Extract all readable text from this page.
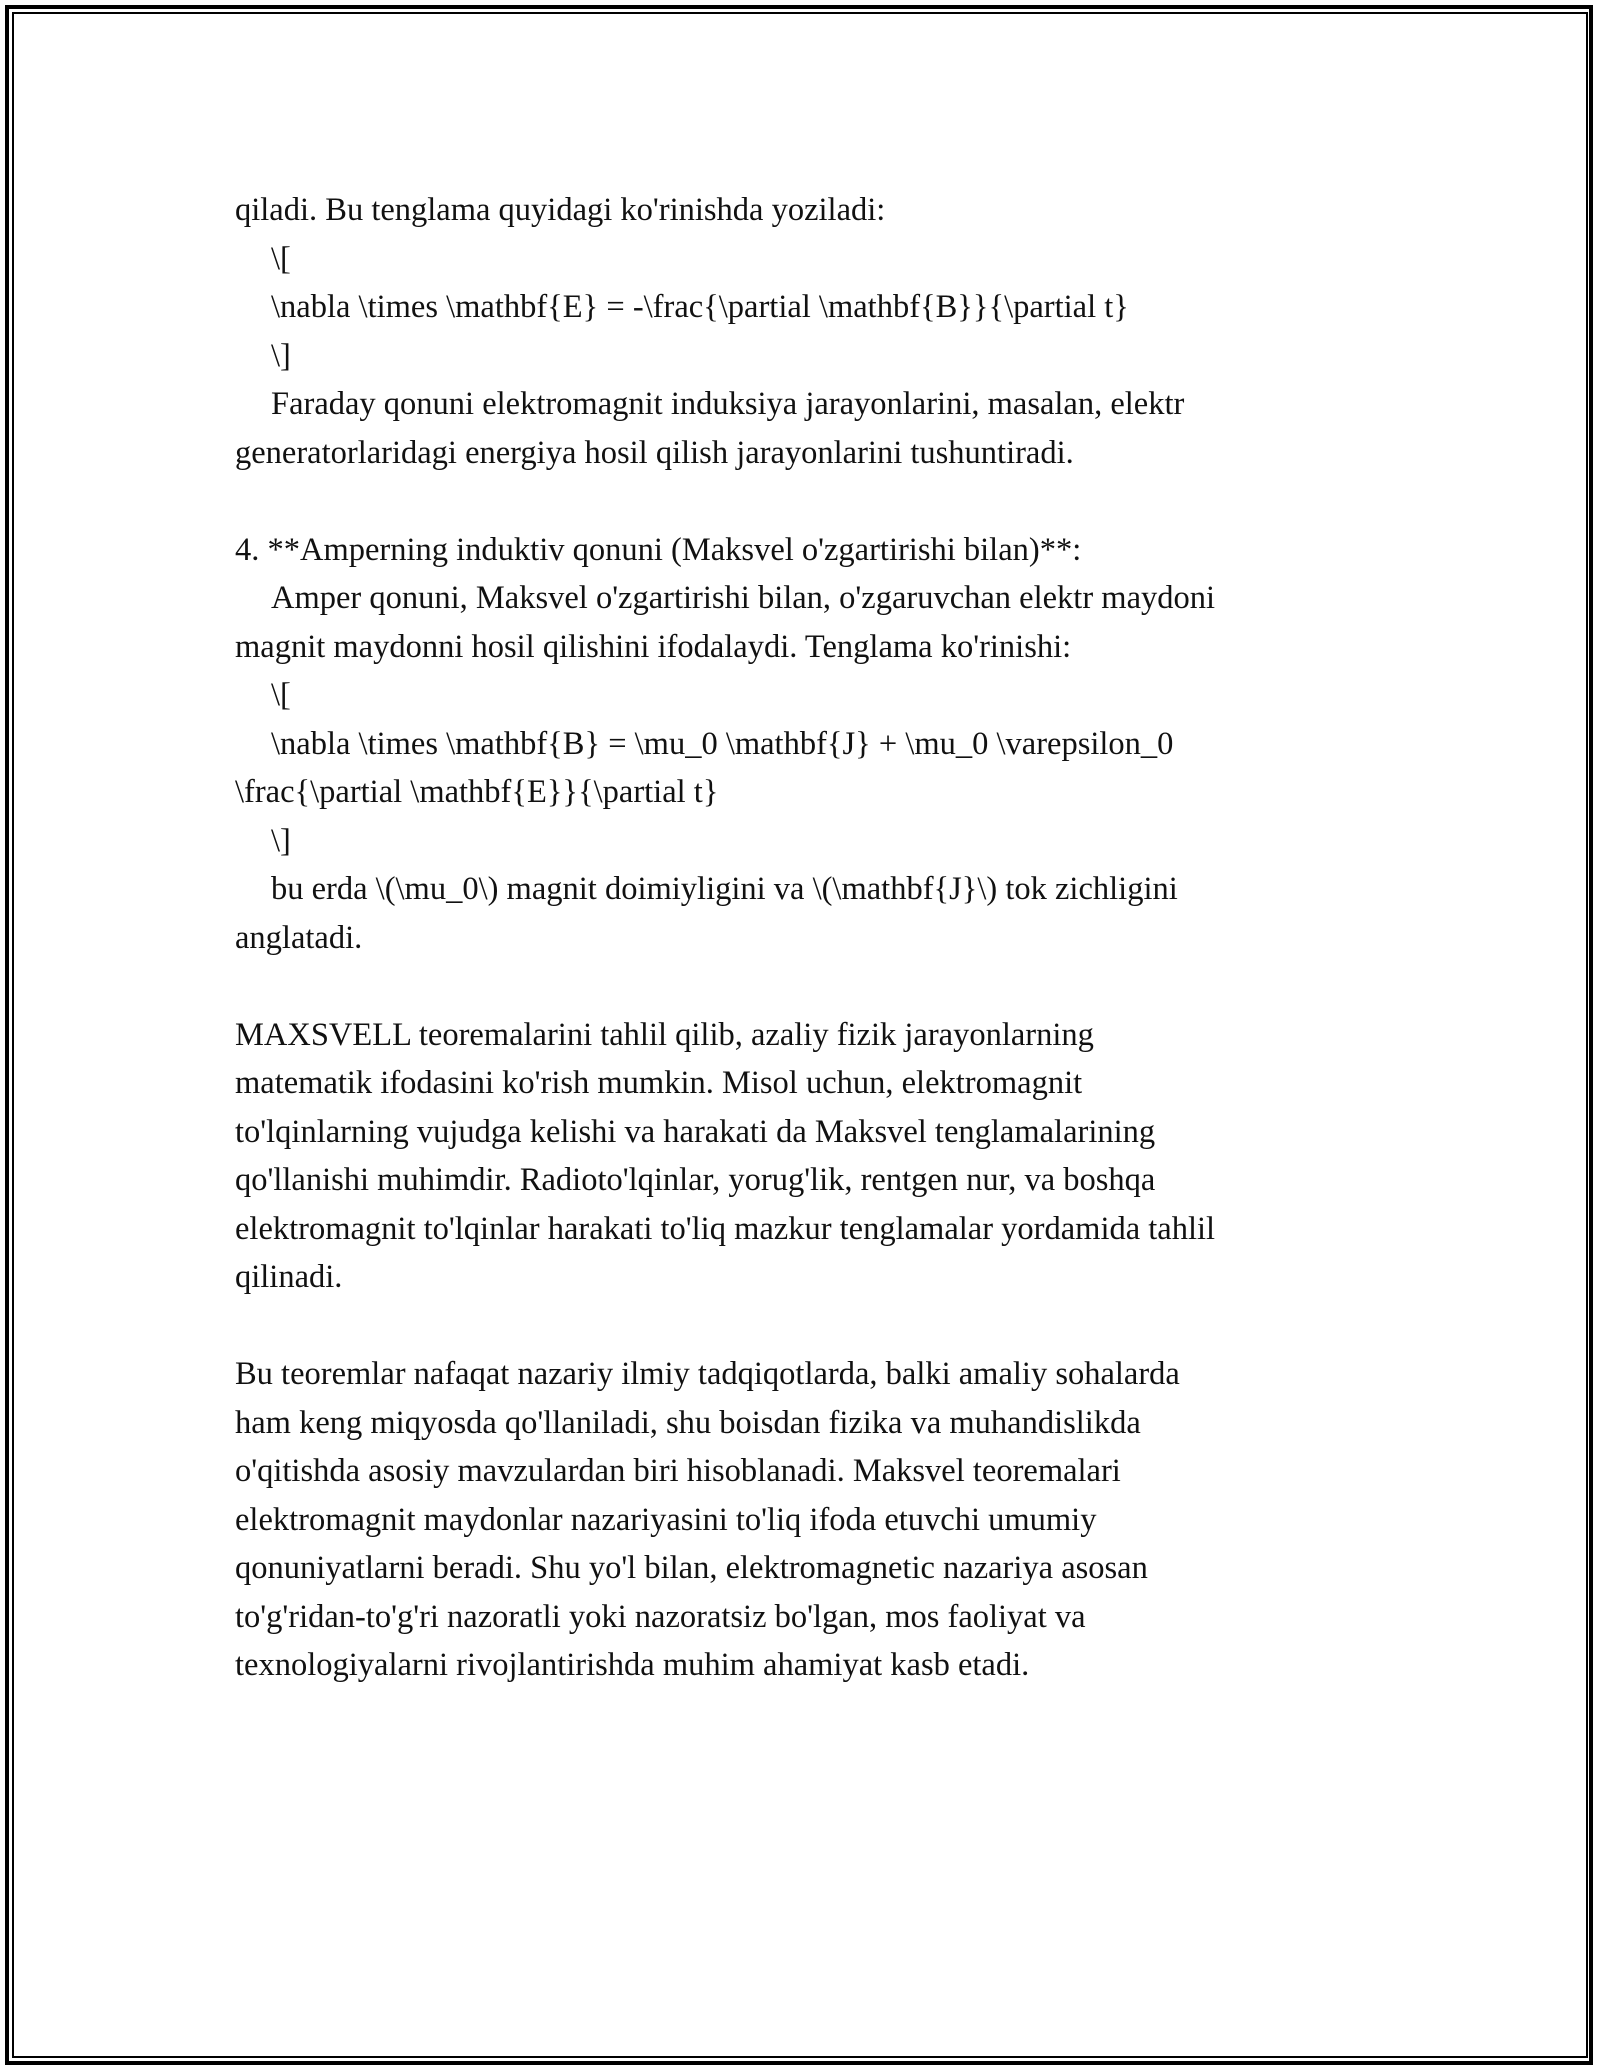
qiladi. Bu tenglama quyidagi ko'rinishda yoziladi:
\[
\nabla \times \mathbf{E} = -\frac{\partial \mathbf{B}}{\partial t}
\]
Faraday qonuni elektromagnit induksiya jarayonlarini, masalan, elektr
generatorlaridagi energiya hosil qilish jarayonlarini tushuntiradi.
4. **Amperning induktiv qonuni (Maksvel o'zgartirishi bilan)**:
Amper qonuni, Maksvel o'zgartirishi bilan, o'zgaruvchan elektr maydoni
magnit maydonni hosil qilishini ifodalaydi. Tenglama ko'rinishi:
\[
\nabla \times \mathbf{B} = \mu_0 \mathbf{J} + \mu_0 \varepsilon_0
\frac{\partial \mathbf{E}}{\partial t}
\]
bu erda \(\mu_0\) magnit doimiyligini va \(\mathbf{J}\) tok zichligini
anglatadi.
MAXSVELL teoremalarini tahlil qilib, azaliy fizik jarayonlarning
matematik ifodasini ko'rish mumkin. Misol uchun, elektromagnit
to'lqinlarning vujudga kelishi va harakati da Maksvel tenglamalarining
qo'llanishi muhimdir. Radioto'lqinlar, yorug'lik, rentgen nur, va boshqa
elektromagnit to'lqinlar harakati to'liq mazkur tenglamalar yordamida tahlil
qilinadi.
Bu teoremlar nafaqat nazariy ilmiy tadqiqotlarda, balki amaliy sohalarda
ham keng miqyosda qo'llaniladi, shu boisdan fizika va muhandislikda
o'qitishda asosiy mavzulardan biri hisoblanadi. Maksvel teoremalari
elektromagnit maydonlar nazariyasini to'liq ifoda etuvchi umumiy
qonuniyatlarni beradi. Shu yo'l bilan, elektromagnetic nazariya asosan
to'g'ridan-to'g'ri nazoratli yoki nazoratsiz bo'lgan, mos faoliyat va
texnologiyalarni rivojlantirishda muhim ahamiyat kasb etadi.
